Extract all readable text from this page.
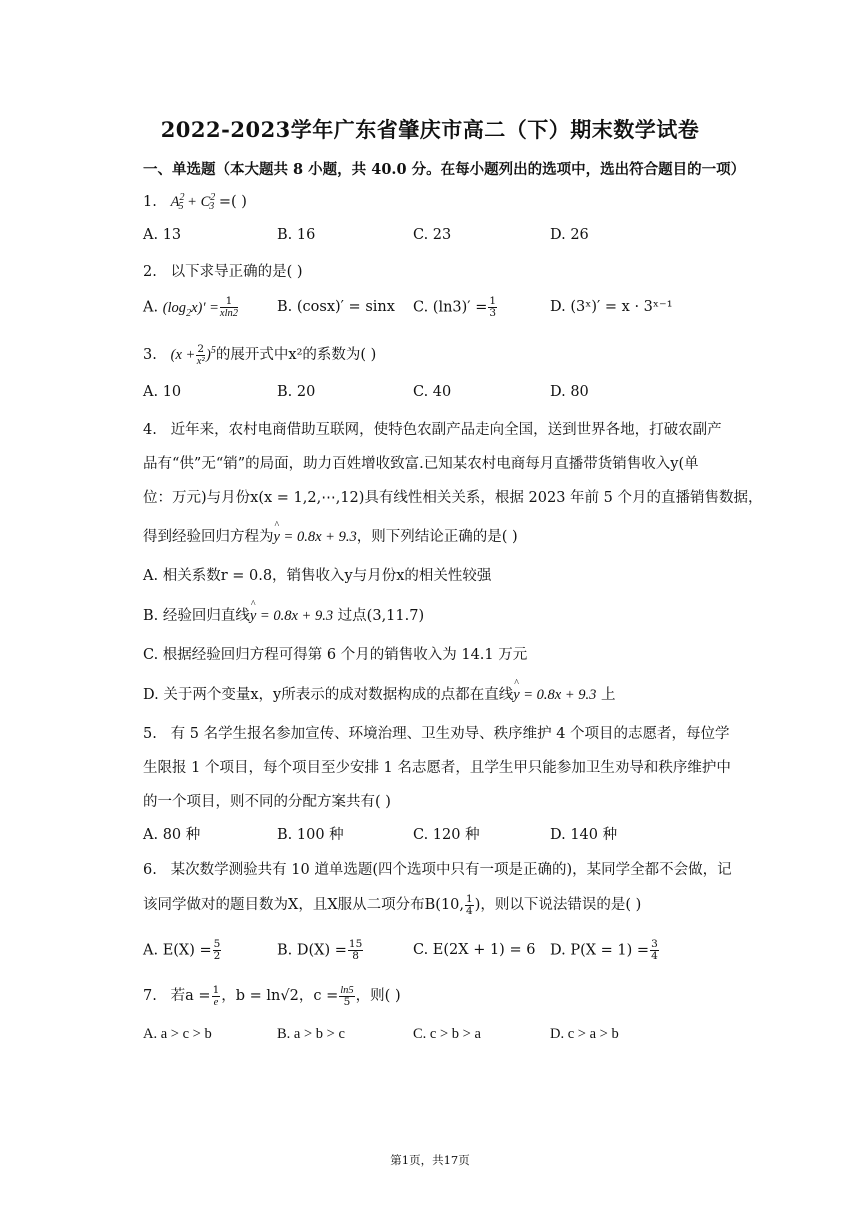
2022-2023学年广东省肇庆市高二（下）期末数学试卷
一、单选题（本大题共 8 小题，共 40.0 分。在每小题列出的选项中，选出符合题目的一项）
1. $A^2_5 + C^2_3$ =( )
A. 13	B. 16	C. 23	D. 26
2. 以下求导正确的是( )
A. $(\log_2x)' = \frac{1}{xln2}$	B. (cosx)′ = sinx C. $(\ln 3)' = \frac{1}{3}$	D. (3ˣ)′ = x · 3ˣ⁻¹
3. $(x + \frac{2}{\text{x²}} )^5$的展开式中x²的系数为( )
A. 10	B. 20	C. 40	D. 80
4. 近年来，农村电商借助互联网，使特色农副产品走向全国，送到世界各地，打破农副产
品有“供”无“销”的局面，助力百姓增收致富.已知某农村电商每月直播带货销售收入y(单
位：万元)与月份x(x = 1,2,⋯,12)具有线性相关关系，根据 2023 年前 5 个月的直播销售数据，
得到经验回归方程为^ y = 0.8x + 9.3，则下列结论正确的是( )
A. 相关系数r = 0.8，销售收入y与月份x的相关性较强
B. 经验回归直线^ y = 0.8x + 9.3 过点(3,11.7)
C. 根据经验回归方程可得第 6 个月的销售收入为 14.1 万元
D. 关于两个变量x，y所表示的成对数据构成的点都在直线^ y = 0.8x + 9.3 上
5. 有 5 名学生报名参加宣传、环境治理、卫生劝导、秩序维护 4 个项目的志愿者，每位学
生限报 1 个项目，每个项目至少安排 1 名志愿者，且学生甲只能参加卫生劝导和秩序维护中
的一个项目，则不同的分配方案共有( )
A. 80 种	B. 100 种	C. 120 种	D. 140 种
6. 某次数学测验共有 10 道单选题(四个选项中只有一项是正确的)，某同学全都不会做，记
该同学做对的题目数为X，且X服从二项分布B(10, $\frac{1}{4}$ )，则以下说法错误的是( )
A. $E(X) = \frac{5}{2}$	B. $D(X) = \frac{15}{8}$	C. E(2X + 1) = 6 D. $P(X = 1) = \frac{3}{4}$
7. 若$a = \frac{1}{e}$ ，b = ln√2，$c = \frac{\ln 5}{5}$ ，则( )
A. a > c > b	B. a > b > c	C. c > b > a	D. c > a > b
第1页，共17页
